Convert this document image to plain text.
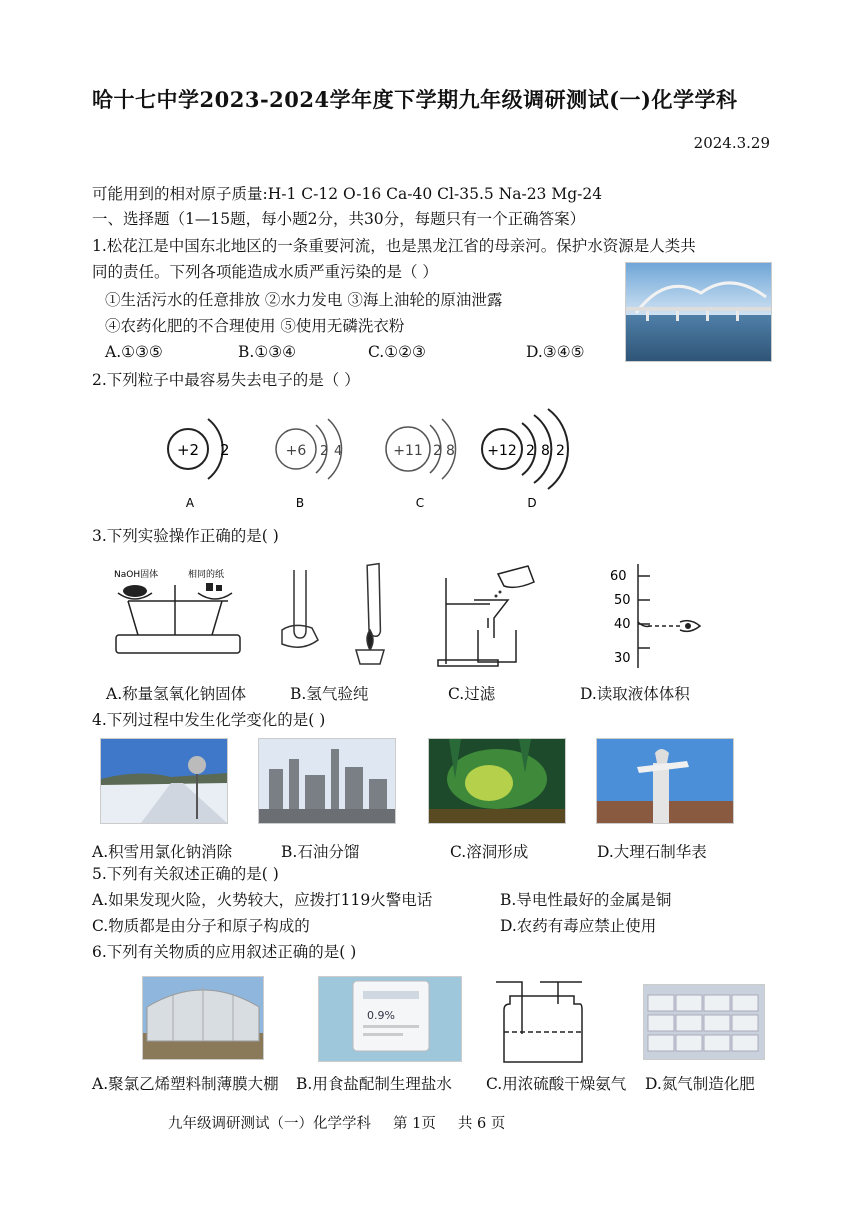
哈十七中学2023-2024学年度下学期九年级调研测试(一)化学学科
2024.3.29
可能用到的相对原子质量:H-1 C-12 O-16 Ca-40 Cl-35.5 Na-23 Mg-24
一、选择题（1—15题，每小题2分，共30分，每题只有一个正确答案）
1.松花江是中国东北地区的一条重要河流，也是黑龙江省的母亲河。保护水资源是人类共
同的责任。下列各项能造成水质严重污染的是（ ）
①生活污水的任意排放 ②水力发电 ③海上油轮的原油泄露
④农药化肥的不合理使用 ⑤使用无磷洗衣粉
A.①③⑤	B.①③④	C.①②③	D.③④⑤
2.下列粒子中最容易失去电子的是（ ）
+2 2
A
+6 2 4
B
+11 2 8
C
+12 2 8 2
D
3.下列实验操作正确的是( )
NaOH固体	相同的纸	60
50
40
30
A.称量氢氧化钠固体	B.氢气验纯	C.过滤	D.读取液体体积
4.下列过程中发生化学变化的是( )
A.积雪用氯化钠消除	B.石油分馏	C.溶洞形成	D.大理石制华表
5.下列有关叙述正确的是( )
A.如果发现火险，火势较大，应拨打119火警电话	B.导电性最好的金属是铜
C.物质都是由分子和原子构成的	D.农药有毒应禁止使用
6.下列有关物质的应用叙述正确的是( )
0.9%
A.聚氯乙烯塑料制薄膜大棚 B.用食盐配制生理盐水 C.用浓硫酸干燥氨气 D.氮气制造化肥
九年级调研测试（一）化学学科 第 1页 共 6 页
